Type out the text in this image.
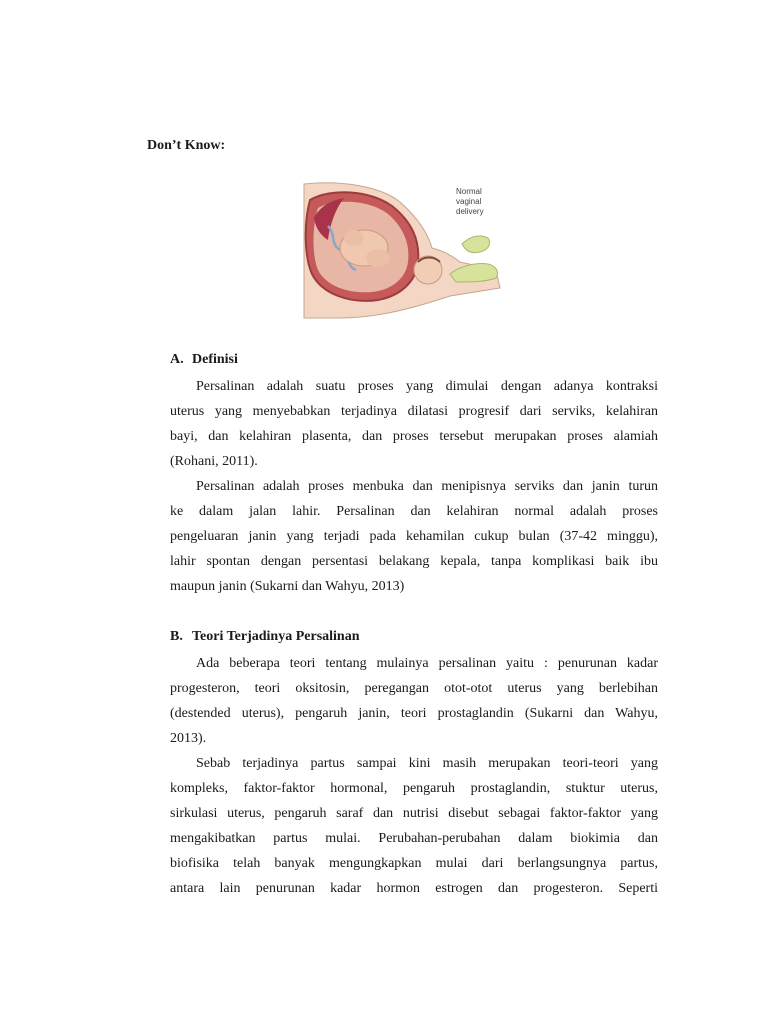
Don’t Know:
Normal
vaginal
delivery
A. Definisi
Persalinan adalah suatu proses yang dimulai dengan adanya kontraksi
uterus yang menyebabkan terjadinya dilatasi progresif dari serviks, kelahiran
bayi, dan kelahiran plasenta, dan proses tersebut merupakan proses alamiah
(Rohani, 2011).
Persalinan adalah proses menbuka dan menipisnya serviks dan janin turun
ke dalam jalan lahir. Persalinan dan kelahiran normal adalah proses
pengeluaran janin yang terjadi pada kehamilan cukup bulan (37-42 minggu),
lahir spontan dengan persentasi belakang kepala, tanpa komplikasi baik ibu
maupun janin (Sukarni dan Wahyu, 2013)
B. Teori Terjadinya Persalinan
Ada beberapa teori tentang mulainya persalinan yaitu : penurunan kadar
progesteron, teori oksitosin, peregangan otot-otot uterus yang berlebihan
(destended uterus), pengaruh janin, teori prostaglandin (Sukarni dan Wahyu,
2013).
Sebab terjadinya partus sampai kini masih merupakan teori-teori yang
kompleks, faktor-faktor hormonal, pengaruh prostaglandin, stuktur uterus,
sirkulasi uterus, pengaruh saraf dan nutrisi disebut sebagai faktor-faktor yang
mengakibatkan partus mulai. Perubahan-perubahan dalam biokimia dan
biofisika telah banyak mengungkapkan mulai dari berlangsungnya partus,
antara lain penurunan kadar hormon estrogen dan progesteron. Seperti
